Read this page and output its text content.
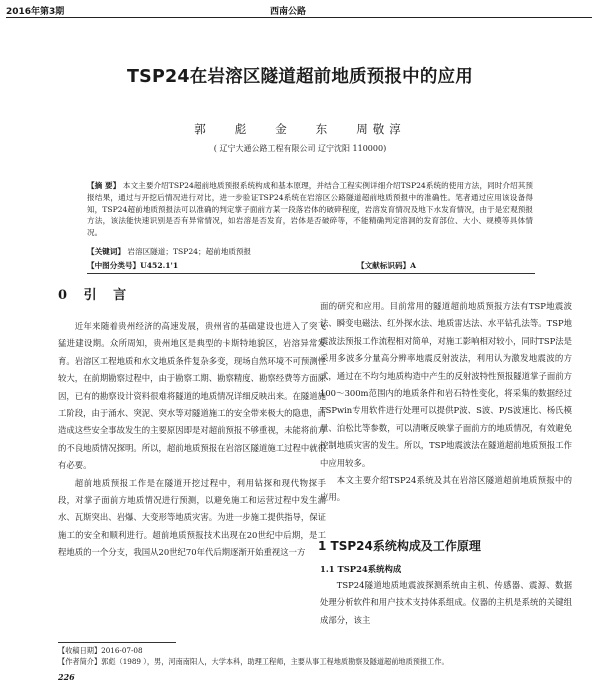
2016年第3期	西南公路
TSP24在岩溶区隧道超前地质预报中的应用
郭 彪 金 东 周敬淳
( 辽宁大通公路工程有限公司 辽宁沈阳 110000)
【摘 要】 本文主要介绍TSP24超前地质预报系统构成和基本原理，并结合工程实例详细介绍TSP24系统的使用方法，同时介绍其预报结果，通过与开挖后情况进行对比，进一步验证TSP24系统在岩溶区公路隧道超前地质预报中的准确性。笔者通过应用该设备得知，TSP24超前地质预报法可以准确的判定掌子面前方某一段落岩体的破碎程度，岩溶发育情况及地下水发育情况，由于是宏观预报方法，该法能快速识别是否有异常情况，如岩溶是否发育，岩体是否破碎等，不能精确判定溶洞的发育部位、大小、规模等具体情况。
【关键词】 岩溶区隧道；TSP24；超前地质预报
【中图分类号】U452.1'1	【文献标识码】A
0 引 言

近年来随着贵州经济的高速发展，贵州省的基础建设也进入了突飞猛进建设期。众所周知，贵州地区是典型的卡斯特地貌区，岩溶异常发育。岩溶区工程地质和水文地质条件复杂多变，现场自然环境不可预测性较大，在前期勘察过程中，由于勘察工期、勘察精度、勘察经费等方面原因，已有的勘察设计资料很难将隧道的地质情况详细反映出来。在隧道施工阶段，由于涌水、突泥、突水等对隧道施工的安全带来极大的隐患，而造成这些安全事故发生的主要原因即是对超前预报不够重视，未能将前方的不良地质情况探明。所以，超前地质预报在岩溶区隧道施工过程中就很有必要。

超前地质预报工作是在隧道开挖过程中，利用钻探和现代物探手段，对掌子面前方地质情况进行预测，以避免施工和运营过程中发生涌水、瓦斯突出、岩爆、大变形等地质灾害。为进一步施工提供指导，保证施工的安全和顺利进行。超前地质预报技术出现在20世纪中后期，是工程地质的一个分支，我国从20世纪70年代后期逐渐开始重视这一方

面的研究和应用。目前常用的隧道超前地质预报方法有TSP地震波法、瞬变电磁法、红外探水法、地质雷达法、水平钻孔法等。TSP地震波法预报工作流程相对简单，对施工影响相对较小，同时TSP法是采用多波多分量高分辨率地震反射波法，利用认为激发地震波的方式，通过在不均匀地质构造中产生的反射波特性预报隧道掌子面前方100～300m范围内的地质条件和岩石特性变化，将采集的数据经过TSPwin专用软件进行处理可以提供P波、S波、P/S波速比、杨氏模量、泊松比等参数，可以清晰反映掌子面前方的地质情况，有效避免控制地质灾害的发生。所以，TSP地震波法在隧道超前地质预报工作中应用较多。

本文主要介绍TSP24系统及其在岩溶区隧道超前地质预报中的应用。

1 TSP24系统构成及工作原理
1.1 TSP24系统构成

TSP24隧道地质地震波探测系统由主机、传感器、震源、数据处理分析软件和用户技术支持体系组成。仪器的主机是系统的关键组成部分，该主

【收稿日期】2016-07-08
【作者简介】郭彪（1989 ），男，河南南阳人，大学本科，助理工程师，主要从事工程地质勘察及隧道超前地质预报工作。
226
